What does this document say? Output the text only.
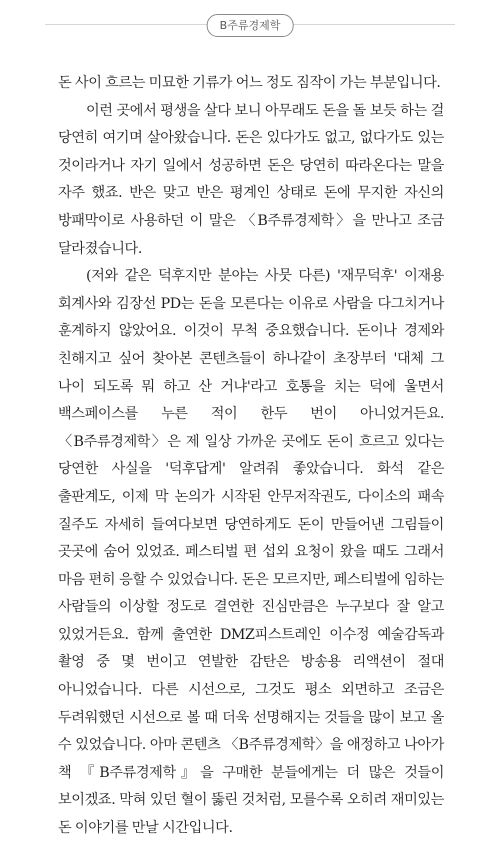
B주류경제학

돈 사이 흐르는 미묘한 기류가 어느 정도 짐작이 가는 부분입니다.

이런 곳에서 평생을 살다 보니 아무래도 돈을 돌 보듯 하는 걸 당연히 여기며 살아왔습니다. 돈은 있다가도 없고, 없다가도 있는 것이라거나 자기 일에서 성공하면 돈은 당연히 따라온다는 말을 자주 했죠. 반은 맞고 반은 평계인 상태로 돈에 무지한 자신의 방패막이로 사용하던 이 말은 〈B주류경제학〉을 만나고 조금 달라졌습니다.

(저와 같은 덕후지만 분야는 사뭇 다른) '재무덕후' 이재용 회계사와 김장선 PD는 돈을 모른다는 이유로 사람을 다그치거나 훈계하지 않았어요. 이것이 무척 중요했습니다. 돈이나 경제와 친해지고 싶어 찾아본 콘텐츠들이 하나같이 초장부터 '대체 그 나이 되도록 뭐 하고 산 거냐'라고 호통을 치는 덕에 울면서 백스페이스를 누른 적이 한두 번이 아니었거든요. 〈B주류경제학〉은 제 일상 가까운 곳에도 돈이 흐르고 있다는 당연한 사실을 '덕후답게' 알려줘 좋았습니다. 화석 같은 출판계도, 이제 막 논의가 시작된 안무저작권도, 다이소의 패속 질주도 자세히 들여다보면 당연하게도 돈이 만들어낸 그림들이 곳곳에 숨어 있었죠. 페스티벌 편 섭외 요청이 왔을 때도 그래서 마음 편히 응할 수 있었습니다. 돈은 모르지만, 페스티벌에 임하는 사람들의 이상할 정도로 결연한 진심만큼은 누구보다 잘 알고 있었거든요. 함께 출연한 DMZ피스트레인 이수정 예술감독과 촬영 중 몇 번이고 연발한 감탄은 방송용 리액션이 절대 아니었습니다. 다른 시선으로, 그것도 평소 외면하고 조금은 두려워했던 시선으로 볼 때 더욱 선명해지는 것들을 많이 보고 올 수 있었습니다. 아마 콘텐츠 〈B주류경제학〉을 애정하고 나아가 책 『B주류경제학』을 구매한 분들에게는 더 많은 것들이 보이겠죠. 막혀 있던 혈이 뚫린 것처럼, 모를수록 오히려 재미있는 돈 이야기를 만날 시간입니다.
